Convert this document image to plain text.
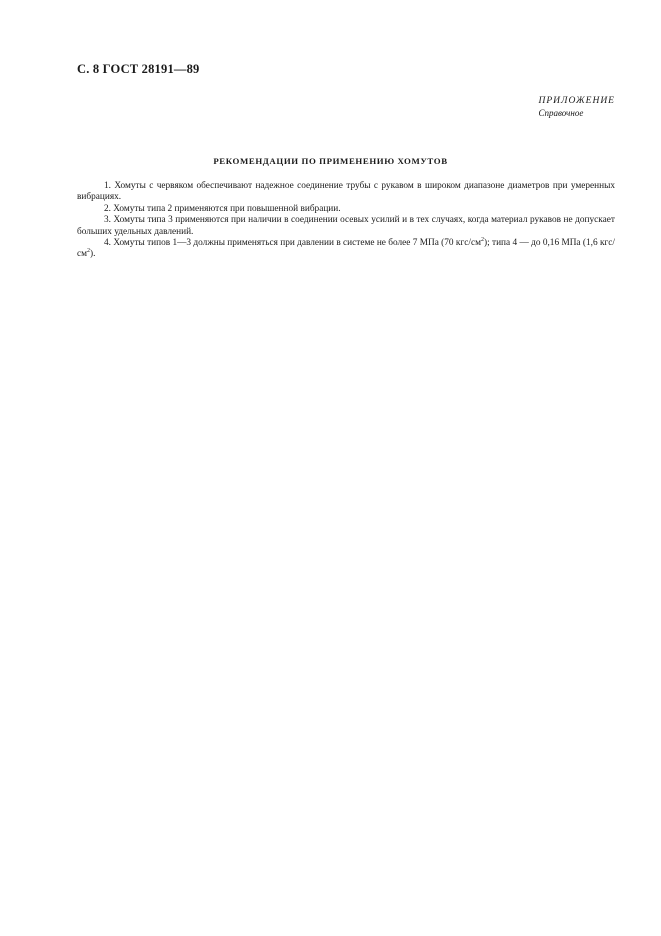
С. 8 ГОСТ 28191—89
ПРИЛОЖЕНИЕ
Справочное
РЕКОМЕНДАЦИИ ПО ПРИМЕНЕНИЮ ХОМУТОВ

1. Хомуты с червяком обеспечивают надежное соединение трубы с рукавом в широком диапазоне диаметров при умеренных вибрациях.

2. Хомуты типа 2 применяются при повышенной вибрации.

3. Хомуты типа 3 применяются при наличии в соединении осевых усилий и в тех случаях, когда материал рукавов не допускает больших удельных давлений.

4. Хомуты типов 1—3 должны применяться при давлении в системе не более 7 МПа (70 кгс/$см^2$); типа 4 — до 0,16 МПа (1,6 кгс/$см^2$).
